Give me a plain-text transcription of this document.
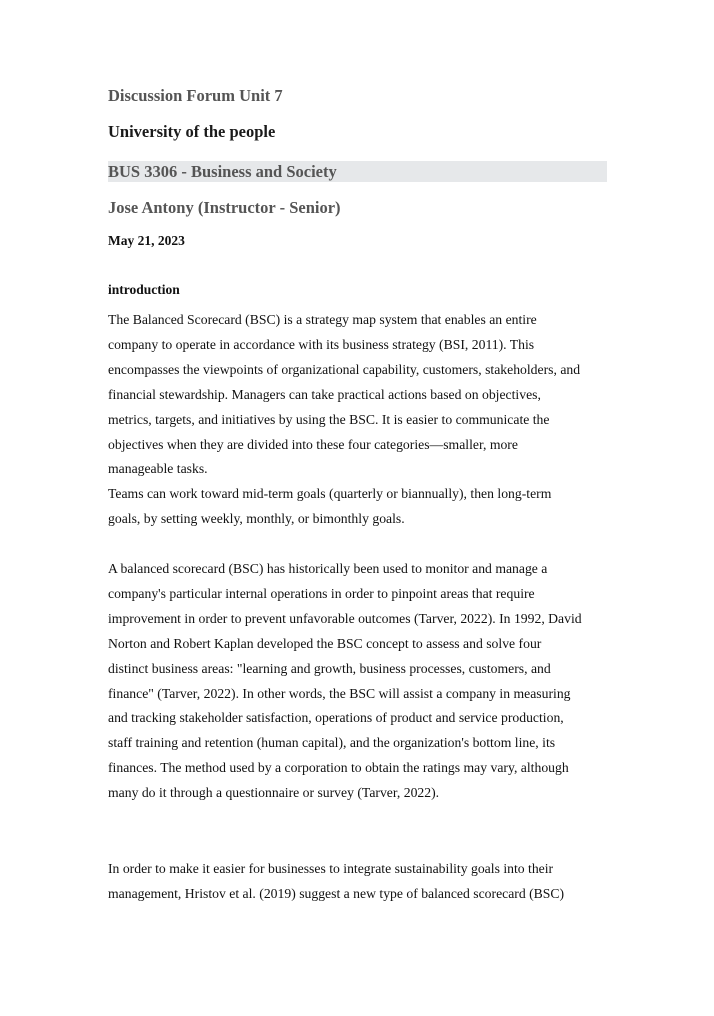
Discussion Forum Unit 7
University of the people
BUS 3306 - Business and Society
Jose Antony (Instructor - Senior)

May 21, 2023

introduction

The Balanced Scorecard (BSC) is a strategy map system that enables an entire
company to operate in accordance with its business strategy (BSI, 2011). This
encompasses the viewpoints of organizational capability, customers, stakeholders, and
financial stewardship. Managers can take practical actions based on objectives,
metrics, targets, and initiatives by using the BSC. It is easier to communicate the
objectives when they are divided into these four categories—smaller, more
manageable tasks.
Teams can work toward mid-term goals (quarterly or biannually), then long-term
goals, by setting weekly, monthly, or bimonthly goals.

A balanced scorecard (BSC) has historically been used to monitor and manage a
company's particular internal operations in order to pinpoint areas that require
improvement in order to prevent unfavorable outcomes (Tarver, 2022). In 1992, David
Norton and Robert Kaplan developed the BSC concept to assess and solve four
distinct business areas: "learning and growth, business processes, customers, and
finance" (Tarver, 2022). In other words, the BSC will assist a company in measuring
and tracking stakeholder satisfaction, operations of product and service production,
staff training and retention (human capital), and the organization's bottom line, its
finances. The method used by a corporation to obtain the ratings may vary, although
many do it through a questionnaire or survey (Tarver, 2022).

In order to make it easier for businesses to integrate sustainability goals into their
management, Hristov et al. (2019) suggest a new type of balanced scorecard (BSC)
